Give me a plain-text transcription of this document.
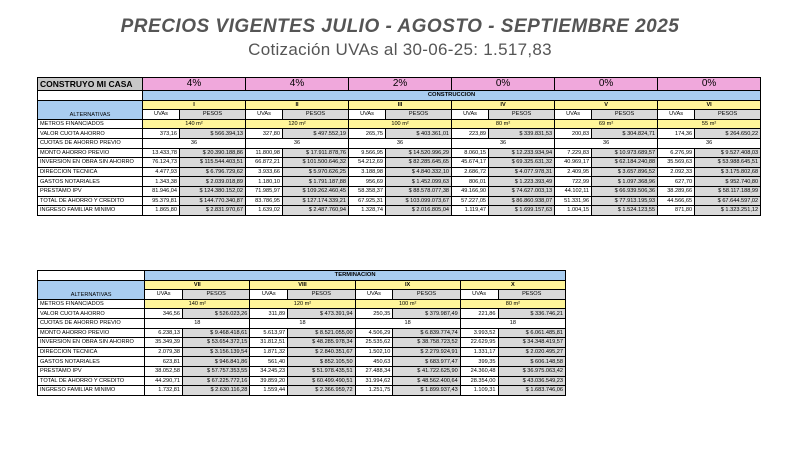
PRECIOS VIGENTES JULIO - AGOSTO - SEPTIEMBRE 2025
Cotización UVAs al 30-06-25: 1.517,83
CONSTRUYO MI CASA	4%		4%		2%		0%		0%		0%	
	CONSTRUCCION											
ALTERNATIVAS	I		II		III		IV		V		VI	
	UVAs	PESOS	UVAs	PESOS	UVAs	PESOS	UVAs	PESOS	UVAs	PESOS	UVAs	PESOS
METROS FINANCIADOS	140 m²		120 m²		100 m²		80 m²		69 m²		55 m²	
VALOR CUOTA AHORRO	373,16	$ 566.394,13	327,80	$ 497.552,19	265,75	$ 403.361,01	223,89	$ 339.831,53	200,83	$ 304.824,71	174,36	$ 264.650,22
CUOTAS DE AHORRO PREVIO	36		36		36		36		36		36	
MONTO AHORRO PREVIO	13.433,78	$ 20.390.188,86	11.800,98	$ 17.911.878,76	9.566,95	$ 14.520.996,29	8.060,15	$ 12.233.934,94	7.229,83	$ 10.973.689,57	6.276,99	$ 9.527.408,03
INVERSION EN OBRA SIN AHORRO	76.124,73	$ 115.544.403,51	66.872,21	$ 101.500.646,32	54.212,69	$ 82.285.645,65	45.674,17	$ 69.325.631,32	40.969,17	$ 62.184.240,88	35.569,63	$ 53.988.645,51
DIRECCION TECNICA	4.477,93	$ 6.796.729,62	3.933,66	$ 5.970.626,25	3.188,98	$ 4.840.332,10	2.686,72	$ 4.077.978,31	2.409,95	$ 3.657.896,52	2.092,33	$ 3.175.802,68
GASTOS NOTARIALES	1.343,38	$ 2.039.018,89	1.180,10	$ 1.791.187,88	956,69	$ 1.452.099,63	806,01	$ 1.223.393,49	722,99	$ 1.097.368,96	627,70	$ 952.740,80
PRESTAMO IPV	81.946,04	$ 124.380.152,02	71.985,97	$ 109.262.460,45	58.358,37	$ 88.578.077,38	49.166,90	$ 74.627.003,13	44.102,11	$ 66.939.506,36	38.289,66	$ 58.117.188,99
TOTAL DE AHORRO Y CREDITO	95.379,81	$ 144.770.340,87	83.786,95	$ 127.174.339,21	67.925,31	$ 103.099.073,67	57.227,05	$ 86.860.938,07	51.331,96	$ 77.913.195,93	44.566,65	$ 67.644.597,02
INGRESO FAMILIAR MINIMO	1.865,80	$ 2.831.970,67	1.639,02	$ 2.487.760,94	1.328,74	$ 2.016.805,04	1.119,47	$ 1.699.157,63	1.004,15	$ 1.524.123,55	871,80	$ 1.323.251,12
	TERMINACION							
ALTERNATIVAS	VII		VIII		IX		X	
	UVAs	PESOS	UVAs	PESOS	UVAs	PESOS	UVAs	PESOS
METROS FINANCIADOS	140 m²		120 m²		100 m²		80 m²	
VALOR CUOTA AHORRO	346,56	$ 526.023,26	311,89	$ 473.391,94	250,35	$ 379.987,49	221,86	$ 336.746,21
CUOTAS DE AHORRO PREVIO	18		18		18		18	
MONTO AHORRO PREVIO	6.238,13	$ 9.468.418,61	5.613,97	$ 8.521.055,00	4.506,29	$ 6.839.774,74	3.993,52	$ 6.061.485,81
INVERSION EN OBRA SIN AHORRO	35.349,39	$ 53.654.372,15	31.812,51	$ 48.285.978,34	25.535,62	$ 38.758.723,52	22.629,95	$ 34.348.419,57
DIRECCION TECNICA	2.079,38	$ 3.156.139,54	1.871,32	$ 2.840.351,67	1.502,10	$ 2.279.924,91	1.331,17	$ 2.020.495,27
GASTOS NOTARIALES	623,81	$ 946.841,86	561,40	$ 852.105,50	450,63	$ 683.977,47	399,35	$ 606.148,58
PRESTAMO IPV	38.052,58	$ 57.757.353,55	34.245,23	$ 51.978.435,51	27.488,34	$ 41.722.625,90	24.360,48	$ 36.975.063,42
TOTAL DE AHORRO Y CREDITO	44.290,71	$ 67.225.772,16	39.859,20	$ 60.499.490,51	31.994,62	$ 48.562.400,64	28.354,00	$ 43.036.549,23
INGRESO FAMILIAR MINIMO	1.732,81	$ 2.630.116,28	1.559,44	$ 2.366.959,72	1.251,75	$ 1.899.937,43	1.109,31	$ 1.683.746,06
